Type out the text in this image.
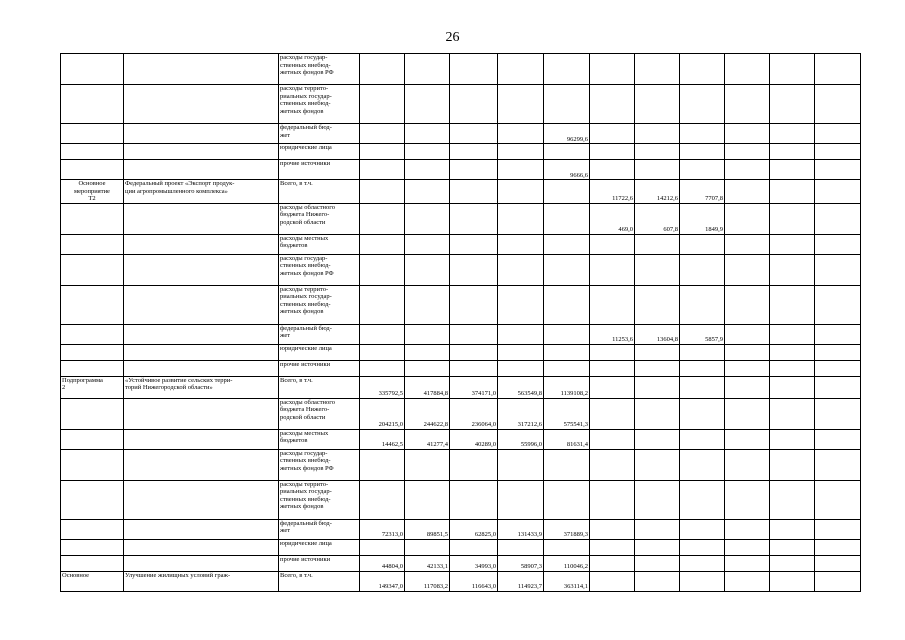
26

		расходы государ-
ственных внебюд-
жетных фондов РФ											

		расходы террито-
риальных государ-
ственных внебюд-
жетных фондов											

		федеральный бюд-
жет					96299,6						

		юридические лица											

		прочие источники					9666,6						

Основное
мероприятие
Т2	Федеральный проект «Экспорт продук-
ции агропромышленного комплекса»	Всего, в т.ч.						11722,6	14212,6	7707,8			

		расходы областного
бюджета Нижего-
родской области						469,0	607,8	1849,9			

		расходы местных
бюджетов											

		расходы государ-
ственных внебюд-
жетных фондов РФ											

		расходы террито-
риальных государ-
ственных внебюд-
жетных фондов											

		федеральный бюд-
жет						11253,6	13604,8	5857,9			

		юридические лица											

		прочие источники											

Подпрограмма
2	«Устойчивое развитие сельских терри-
торий Нижегородской области»	Всего, в т.ч.	335792,5	417884,8	374171,0	563549,8	1139108,2						

		расходы областного
бюджета Нижего-
родской области	204215,0	244622,8	236064,0	317212,6	575541,3						

		расходы местных
бюджетов	14462,5	41277,4	40289,0	55996,0	81631,4						

		расходы государ-
ственных внебюд-
жетных фондов РФ											

		расходы террито-
риальных государ-
ственных внебюд-
жетных фондов											

		федеральный бюд-
жет	72313,0	89851,5	62825,0	131433,9	371889,3						

		юридические лица											

		прочие источники	44804,0	42133,1	34993,0	58907,3	110046,2						

Основное	Улучшение жилищных условий граж-	Всего, в т.ч.	149347,0	117083,2	116643,0	114923,7	363114,1						
